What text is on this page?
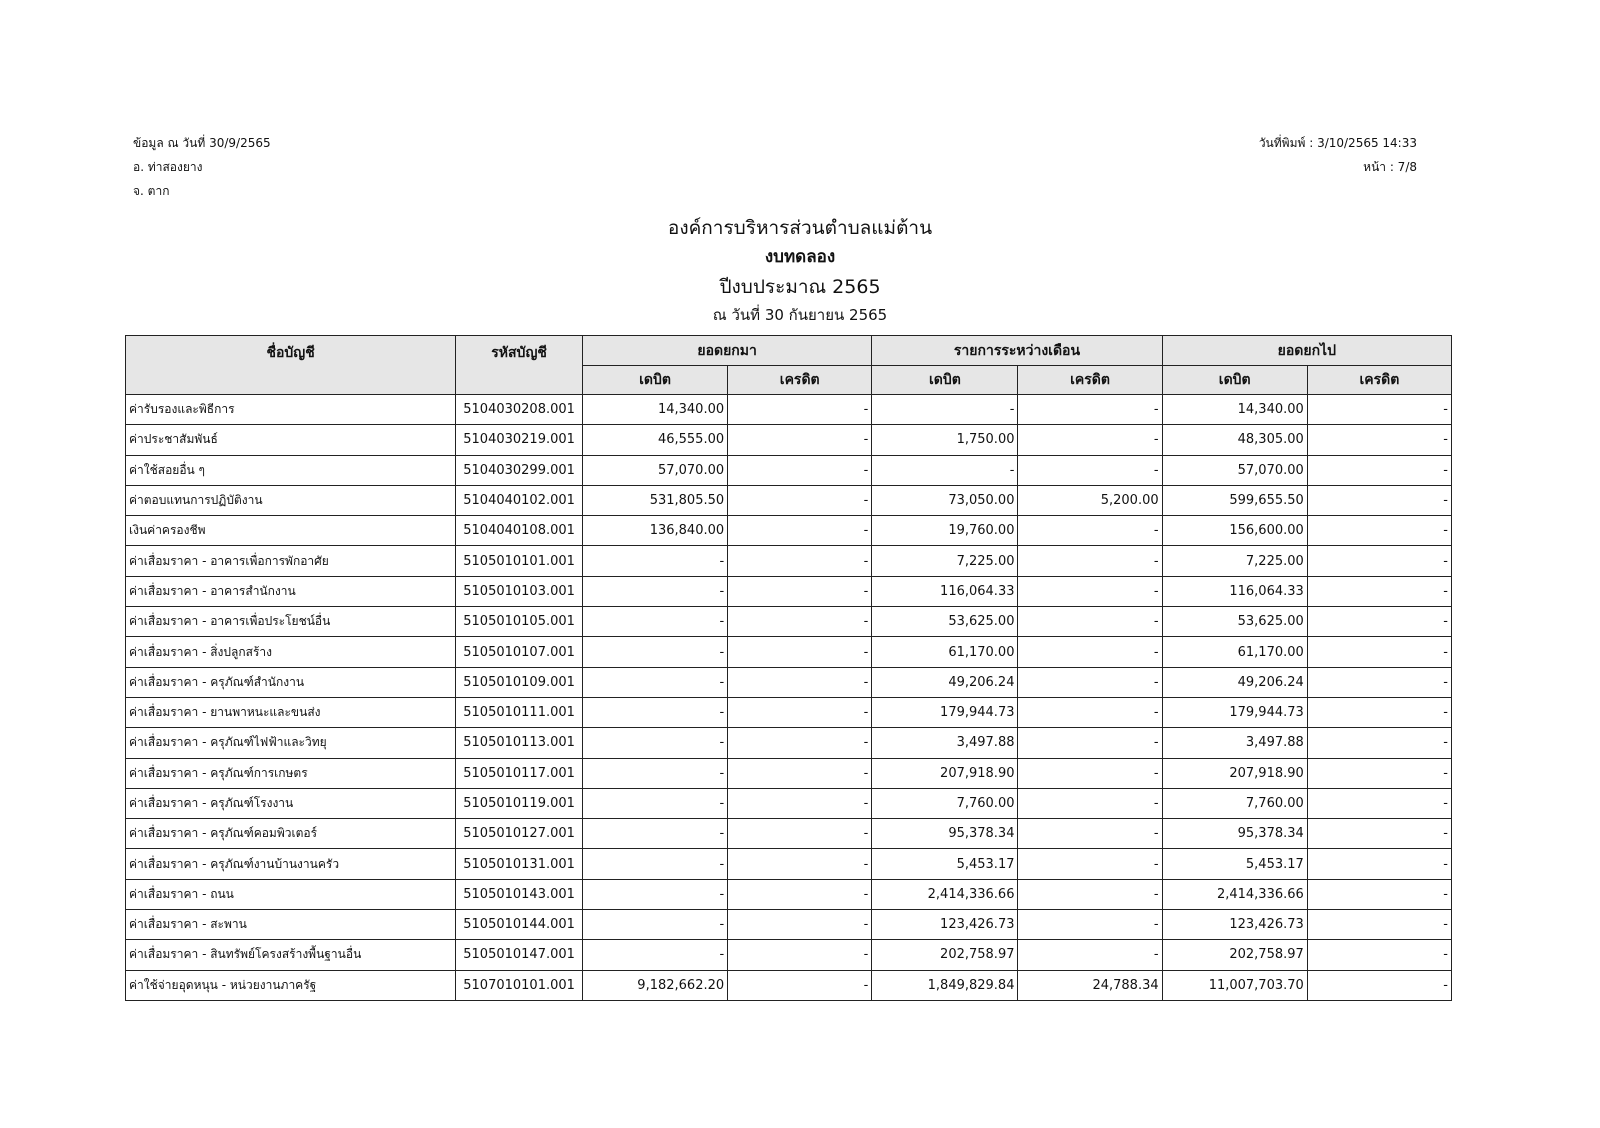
ข้อมูล ณ วันที่ 30/9/2565
อ. ท่าสองยาง
จ. ตาก
วันที่พิมพ์ : 3/10/2565 14:33
หน้า : 7/8
องค์การบริหารส่วนตำบลแม่ต้าน
งบทดลอง
ปีงบประมาณ 2565
ณ วันที่ 30 กันยายน 2565
ชื่อบัญชี	รหัสบัญชี	ยอดยกมา		รายการระหว่างเดือน		ยอดยกไป	
		เดบิต	เครดิต	เดบิต	เครดิต	เดบิต	เครดิต
ค่ารับรองและพิธีการ	5104030208.001	14,340.00	-	-	-	14,340.00	-
ค่าประชาสัมพันธ์	5104030219.001	46,555.00	-	1,750.00	-	48,305.00	-
ค่าใช้สอยอื่น ๆ	5104030299.001	57,070.00	-	-	-	57,070.00	-
ค่าตอบแทนการปฏิบัติงาน	5104040102.001	531,805.50	-	73,050.00	5,200.00	599,655.50	-
เงินค่าครองชีพ	5104040108.001	136,840.00	-	19,760.00	-	156,600.00	-
ค่าเสื่อมราคา - อาคารเพื่อการพักอาศัย	5105010101.001	-	-	7,225.00	-	7,225.00	-
ค่าเสื่อมราคา - อาคารสำนักงาน	5105010103.001	-	-	116,064.33	-	116,064.33	-
ค่าเสื่อมราคา - อาคารเพื่อประโยชน์อื่น	5105010105.001	-	-	53,625.00	-	53,625.00	-
ค่าเสื่อมราคา - สิ่งปลูกสร้าง	5105010107.001	-	-	61,170.00	-	61,170.00	-
ค่าเสื่อมราคา - ครุภัณฑ์สำนักงาน	5105010109.001	-	-	49,206.24	-	49,206.24	-
ค่าเสื่อมราคา - ยานพาหนะและขนส่ง	5105010111.001	-	-	179,944.73	-	179,944.73	-
ค่าเสื่อมราคา - ครุภัณฑ์ไฟฟ้าและวิทยุ	5105010113.001	-	-	3,497.88	-	3,497.88	-
ค่าเสื่อมราคา - ครุภัณฑ์การเกษตร	5105010117.001	-	-	207,918.90	-	207,918.90	-
ค่าเสื่อมราคา - ครุภัณฑ์โรงงาน	5105010119.001	-	-	7,760.00	-	7,760.00	-
ค่าเสื่อมราคา - ครุภัณฑ์คอมพิวเตอร์	5105010127.001	-	-	95,378.34	-	95,378.34	-
ค่าเสื่อมราคา - ครุภัณฑ์งานบ้านงานครัว	5105010131.001	-	-	5,453.17	-	5,453.17	-
ค่าเสื่อมราคา - ถนน	5105010143.001	-	-	2,414,336.66	-	2,414,336.66	-
ค่าเสื่อมราคา - สะพาน	5105010144.001	-	-	123,426.73	-	123,426.73	-
ค่าเสื่อมราคา - สินทรัพย์โครงสร้างพื้นฐานอื่น	5105010147.001	-	-	202,758.97	-	202,758.97	-
ค่าใช้จ่ายอุดหนุน - หน่วยงานภาครัฐ	5107010101.001	9,182,662.20	-	1,849,829.84	24,788.34	11,007,703.70	-
